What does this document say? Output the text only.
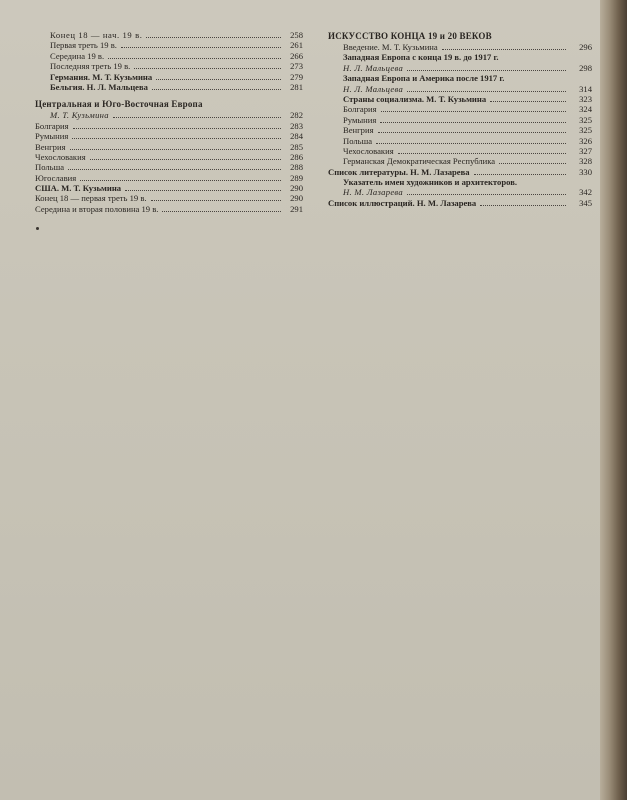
Конец 18 — нач. 19 в.	258
Первая треть 19 в.	261
Середина 19 в.	266
Последняя треть 19 в.	273
Германия. М. Т. Кузьмина	279
Бельгия. Н. Л. Мальцева	281
Центральная и Юго-Восточная Европа
М. Т. Кузьмина	282
Болгария	283
Румыния	284
Венгрия	285
Чехословакия	286
Польша	288
Югославия	289
США. М. Т. Кузьмина	290
Конец 18 — первая треть 19 в.	290
Середина и вторая половина 19 в.	291
ИСКУССТВО КОНЦА 19 и 20 ВЕКОВ
Введение. М. Т. Кузьмина	296
Западная Европа с конца 19 в. до 1917 г.
Н. Л. Мальцева	298
Западная Европа и Америка после 1917 г.
Н. Л. Мальцева	314
Страны социализма. М. Т. Кузьмина	323
Болгария	324
Румыния	325
Венгрия	325
Польша	326
Чехословакия	327
Германская Демократическая Республика	328
Список литературы. Н. М. Лазарева	330
Указатель имен художников и архитекторов.
Н. М. Лазарева	342
Список иллюстраций. Н. М. Лазарева	345
